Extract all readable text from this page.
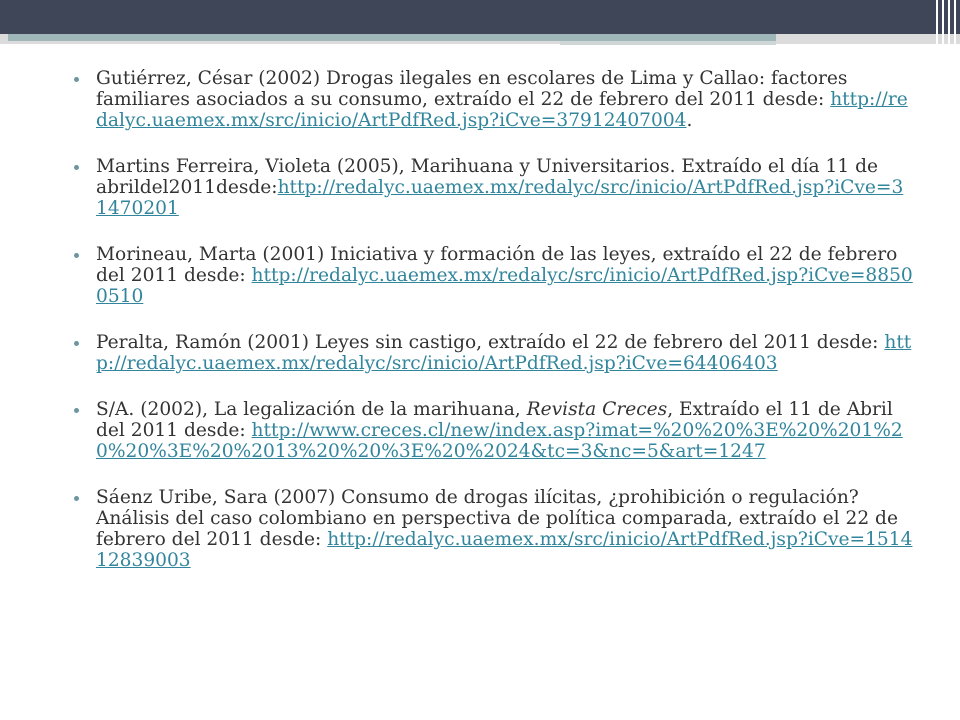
Gutiérrez, César (2002) Drogas ilegales en escolares de Lima y Callao: factores familiares asociados a su consumo, extraído el 22 de febrero del 2011 desde: http://redalyc.uaemex.mx/src/inicio/ArtPdfRed.jsp?iCve=37912407004.
Martins Ferreira, Violeta (2005), Marihuana y Universitarios. Extraído el día 11 de abrildel2011desde:http://redalyc.uaemex.mx/redalyc/src/inicio/ArtPdfRed.jsp?iCve=31470201
Morineau, Marta (2001) Iniciativa y formación de las leyes, extraído el 22 de febrero del 2011 desde: http://redalyc.uaemex.mx/redalyc/src/inicio/ArtPdfRed.jsp?iCve=88500510
Peralta, Ramón (2001) Leyes sin castigo, extraído el 22 de febrero del 2011 desde: http://redalyc.uaemex.mx/redalyc/src/inicio/ArtPdfRed.jsp?iCve=64406403
S/A. (2002), La legalización de la marihuana, Revista Creces, Extraído el 11 de Abril del 2011 desde: http://www.creces.cl/new/index.asp?imat=%20%20%3E%20%201%20%20%3E%20%2013%20%20%3E%20%2024&tc=3&nc=5&art=1247
Sáenz Uribe, Sara (2007) Consumo de drogas ilícitas, ¿prohibición o regulación? Análisis del caso colombiano en perspectiva de política comparada, extraído el 22 de febrero del 2011 desde: http://redalyc.uaemex.mx/src/inicio/ArtPdfRed.jsp?iCve=151412839003
